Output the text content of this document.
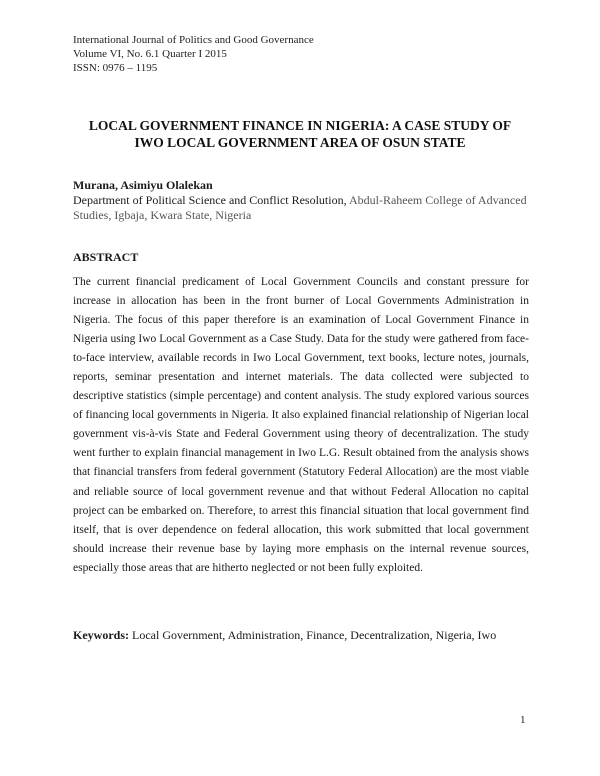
International Journal of Politics and Good Governance
Volume VI, No. 6.1 Quarter I 2015
ISSN: 0976 – 1195
LOCAL GOVERNMENT FINANCE IN NIGERIA: A CASE STUDY OF
IWO LOCAL GOVERNMENT AREA OF OSUN STATE
Murana, Asimiyu Olalekan
Department of Political Science and Conflict Resolution, Abdul-Raheem College of Advanced Studies, Igbaja, Kwara State, Nigeria
ABSTRACT
The current financial predicament of Local Government Councils and constant pressure for increase in allocation has been in the front burner of Local Governments Administration in Nigeria. The focus of this paper therefore is an examination of Local Government Finance in Nigeria using Iwo Local Government as a Case Study. Data for the study were gathered from face-to-face interview, available records in Iwo Local Government, text books, lecture notes, journals, reports, seminar presentation and internet materials. The data collected were subjected to descriptive statistics (simple percentage) and content analysis. The study explored various sources of financing local governments in Nigeria. It also explained financial relationship of Nigerian local government vis-à-vis State and Federal Government using theory of decentralization. The study went further to explain financial management in Iwo L.G. Result obtained from the analysis shows that financial transfers from federal government (Statutory Federal Allocation) are the most viable and reliable source of local government revenue and that without Federal Allocation no capital project can be embarked on. Therefore, to arrest this financial situation that local government find itself, that is over dependence on federal allocation, this work submitted that local government should increase their revenue base by laying more emphasis on the internal revenue sources, especially those areas that are hitherto neglected or not been fully exploited.
Keywords: Local Government, Administration, Finance, Decentralization, Nigeria, Iwo
1
